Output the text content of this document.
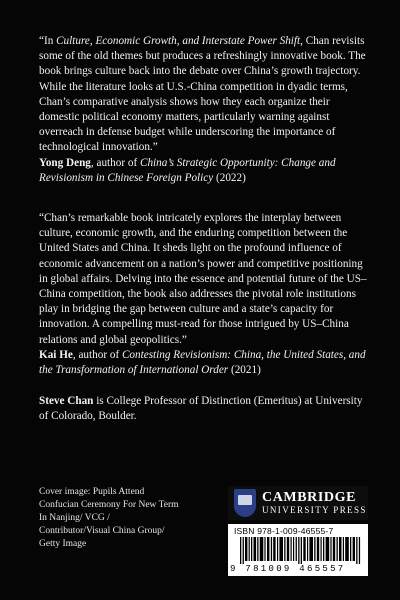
“In Culture, Economic Growth, and Interstate Power Shift, Chan revisits some of the old themes but produces a refreshingly innovative book. The book brings culture back into the debate over China’s growth trajectory. While the literature looks at U.S.-China competition in dyadic terms, Chan’s comparative analysis shows how they each organize their domestic political economy matters, particularly warning against overreach in defense budget while underscoring the importance of technological innovation.”

Yong Deng, author of China’s Strategic Opportunity: Change and Revisionism in Chinese Foreign Policy (2022)

“Chan’s remarkable book intricately explores the interplay between culture, economic growth, and the enduring competition between the United States and China. It sheds light on the profound influence of economic advancement on a nation’s power and competitive positioning in global affairs. Delving into the essence and potential future of the US–China competition, the book also addresses the pivotal role institutions play in bridging the gap between culture and a state’s capacity for innovation. A compelling must-read for those intrigued by US–China relations and global geopolitics.”

Kai He, author of Contesting Revisionism: China, the United States, and the Transformation of International Order (2021)

Steve Chan is College Professor of Distinction (Emeritus) at University of Colorado, Boulder.

Cover image: Pupils Attend Confucian Ceremony For New Term In Nanjing/ VCG / Contributor/Visual China Group/ Getty Image
CAMBRIDGE
UNIVERSITY PRESS
ISBN 978-1-009-46555-7
9 781009 465557
